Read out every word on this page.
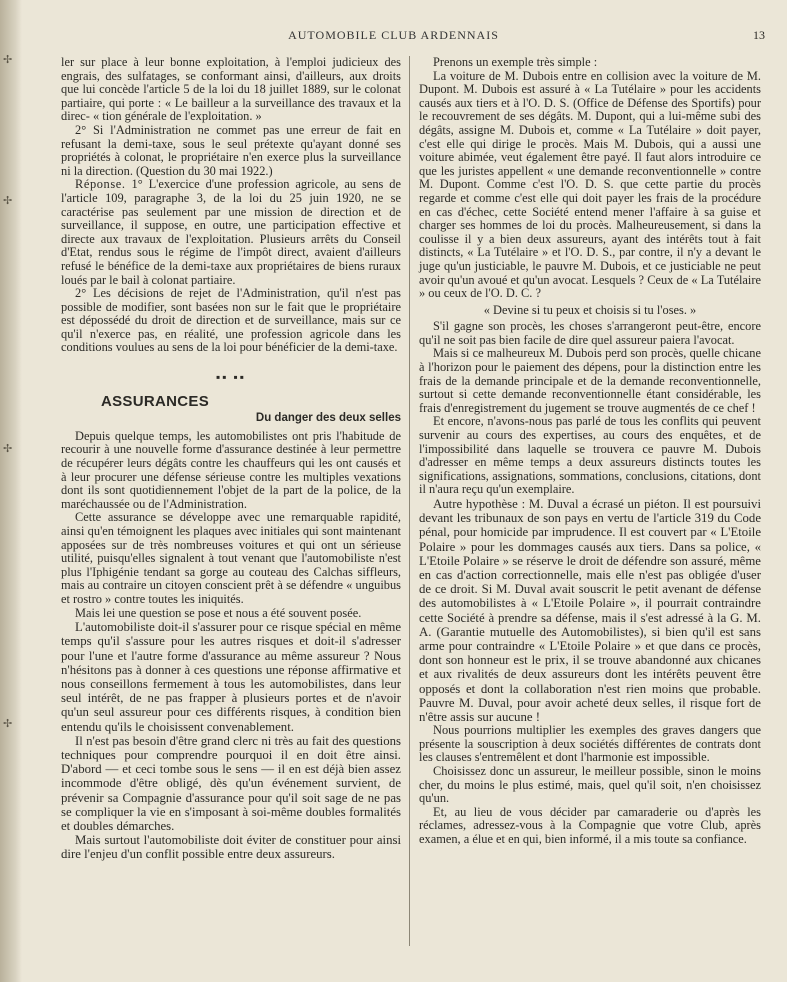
✢
✢
✢
✢
AUTOMOBILE CLUB ARDENNAIS	13

ler sur place à leur bonne exploitation, à l'emploi judicieux des engrais, des sulfatages, se conformant ainsi, d'ailleurs, aux droits que lui concède l'article 5 de la loi du 18 juillet 1889, sur le colonat partiaire, qui porte : « Le bailleur a la surveillance des travaux et la direc- « tion générale de l'exploitation. »

2° Si l'Administration ne commet pas une erreur de fait en refusant la demi-taxe, sous le seul prétexte qu'ayant donné ses propriétés à colonat, le propriétaire n'en exerce plus la surveillance ni la direction. (Question du 30 mai 1922.)

Réponse. 1° L'exercice d'une profession agricole, au sens de l'article 109, paragraphe 3, de la loi du 25 juin 1920, ne se caractérise pas seulement par une mission de direction et de surveillance, il suppose, en outre, une participation effective et directe aux travaux de l'exploitation. Plusieurs arrêts du Conseil d'Etat, rendus sous le régime de l'impôt direct, avaient d'ailleurs refusé le bénéfice de la demi-taxe aux propriétaires de biens ruraux loués par le bail à colonat partiaire.

2° Les décisions de rejet de l'Administration, qu'il n'est pas possible de modifier, sont basées non sur le fait que le propriétaire est dépossédé du droit de direction et de surveillance, mais sur ce qu'il n'exerce pas, en réalité, une profession agricole dans les conditions voulues au sens de la loi pour bénéficier de la demi-taxe.

▪▪ ▪▪
ASSURANCES
Du danger des deux selles

Depuis quelque temps, les automobilistes ont pris l'habitude de recourir à une nouvelle forme d'assurance destinée à leur permettre de récupérer leurs dégâts contre les chauffeurs qui les ont causés et à leur procurer une défense sérieuse contre les multiples vexations dont ils sont quotidiennement l'objet de la part de la police, de la maréchaussée ou de l'Administration.

Cette assurance se développe avec une remarquable rapidité, ainsi qu'en témoignent les plaques avec initiales qui sont maintenant apposées sur de très nombreuses voitures et qui ont un sérieuse utilité, puisqu'elles signalent à tout venant que l'automobiliste n'est plus l'Iphigénie tendant sa gorge au couteau des Calchas siffleurs, mais au contraire un citoyen conscient prêt à se défendre « unguibus et rostro » contre toutes les iniquités.

Mais lei une question se pose et nous a été souvent posée.

L'automobiliste doit-il s'assurer pour ce risque spécial en même temps qu'il s'assure pour les autres risques et doit-il s'adresser pour l'une et l'autre forme d'assurance au même assureur ? Nous n'hésitons pas à donner à ces questions une réponse affirmative et nous conseillons fermement à tous les automobilistes, dans leur seul intérêt, de ne pas frapper à plusieurs portes et de n'avoir qu'un seul assureur pour ces différents risques, à condition bien entendu qu'ils le choisissent convenablement.

Il n'est pas besoin d'être grand clerc ni très au fait des questions techniques pour comprendre pourquoi il en doit être ainsi. D'abord — et ceci tombe sous le sens — il en est déjà bien assez incommode d'être obligé, dès qu'un événement survient, de prévenir sa Compagnie d'assurance pour qu'il soit sage de ne pas se compliquer la vie en s'imposant à soi-même doubles formalités et doubles démarches.

Mais surtout l'automobiliste doit éviter de constituer pour ainsi dire l'enjeu d'un conflit possible entre deux assureurs.

Prenons un exemple très simple :

La voiture de M. Dubois entre en collision avec la voiture de M. Dupont. M. Dubois est assuré à « La Tutélaire » pour les accidents causés aux tiers et à l'O. D. S. (Office de Défense des Sportifs) pour le recouvrement de ses dégâts. M. Dupont, qui a lui-même subi des dégâts, assigne M. Dubois et, comme « La Tutélaire » doit payer, c'est elle qui dirige le procès. Mais M. Dubois, qui a aussi une voiture abimée, veut également être payé. Il faut alors introduire ce que les juristes appellent « une demande reconventionnelle » contre M. Dupont. Comme c'est l'O. D. S. que cette partie du procès regarde et comme c'est elle qui doit payer les frais de la procédure en cas d'échec, cette Société entend mener l'affaire à sa guise et charger ses hommes de loi du procès. Malheureusement, si dans la coulisse il y a bien deux assureurs, ayant des intérêts tout à fait distincts, « La Tutélaire » et l'O. D. S., par contre, il n'y a devant le juge qu'un justiciable, le pauvre M. Dubois, et ce justiciable ne peut avoir qu'un avoué et qu'un avocat. Lesquels ? Ceux de « La Tutélaire » ou ceux de l'O. D. C. ?

« Devine si tu peux et choisis si tu l'oses. »

S'il gagne son procès, les choses s'arrangeront peut-être, encore qu'il ne soit pas bien facile de dire quel assureur paiera l'avocat.

Mais si ce malheureux M. Dubois perd son procès, quelle chicane à l'horizon pour le paiement des dépens, pour la distinction entre les frais de la demande principale et de la demande reconventionnelle, surtout si cette demande reconventionnelle étant considérable, les frais d'enregistrement du jugement se trouve augmentés de ce chef !

Et encore, n'avons-nous pas parlé de tous les conflits qui peuvent survenir au cours des expertises, au cours des enquêtes, et de l'impossibilité dans laquelle se trouvera ce pauvre M. Dubois d'adresser en même temps a deux assureurs distincts toutes les significations, assignations, sommations, conclusions, citations, dont il n'aura reçu qu'un exemplaire.

Autre hypothèse : M. Duval a écrasé un piéton. Il est poursuivi devant les tribunaux de son pays en vertu de l'article 319 du Code pénal, pour homicide par imprudence. Il est couvert par « L'Etoile Polaire » pour les dommages causés aux tiers. Dans sa police, « L'Etoile Polaire » se réserve le droit de défendre son assuré, même en cas d'action correctionnelle, mais elle n'est pas obligée d'user de ce droit. Si M. Duval avait souscrit le petit avenant de défense des automobilistes à « L'Etoile Polaire », il pourrait contraindre cette Société à prendre sa défense, mais il s'est adressé à la G. M. A. (Garantie mutuelle des Automobilistes), si bien qu'il est sans arme pour contraindre « L'Etoile Polaire » et que dans ce procès, dont son honneur est le prix, il se trouve abandonné aux chicanes et aux rivalités de deux assureurs dont les intérêts peuvent être opposés et dont la collaboration n'est rien moins que probable. Pauvre M. Duval, pour avoir acheté deux selles, il risque fort de n'être assis sur aucune !

Nous pourrions multiplier les exemples des graves dangers que présente la souscription à deux sociétés différentes de contrats dont les clauses s'entremêlent et dont l'harmonie est impossible.

Choisissez donc un assureur, le meilleur possible, sinon le moins cher, du moins le plus estimé, mais, quel qu'il soit, n'en choisissez qu'un.

Et, au lieu de vous décider par camaraderie ou d'après les réclames, adressez-vous à la Compagnie que votre Club, après examen, a élue et en qui, bien informé, il a mis toute sa confiance.
